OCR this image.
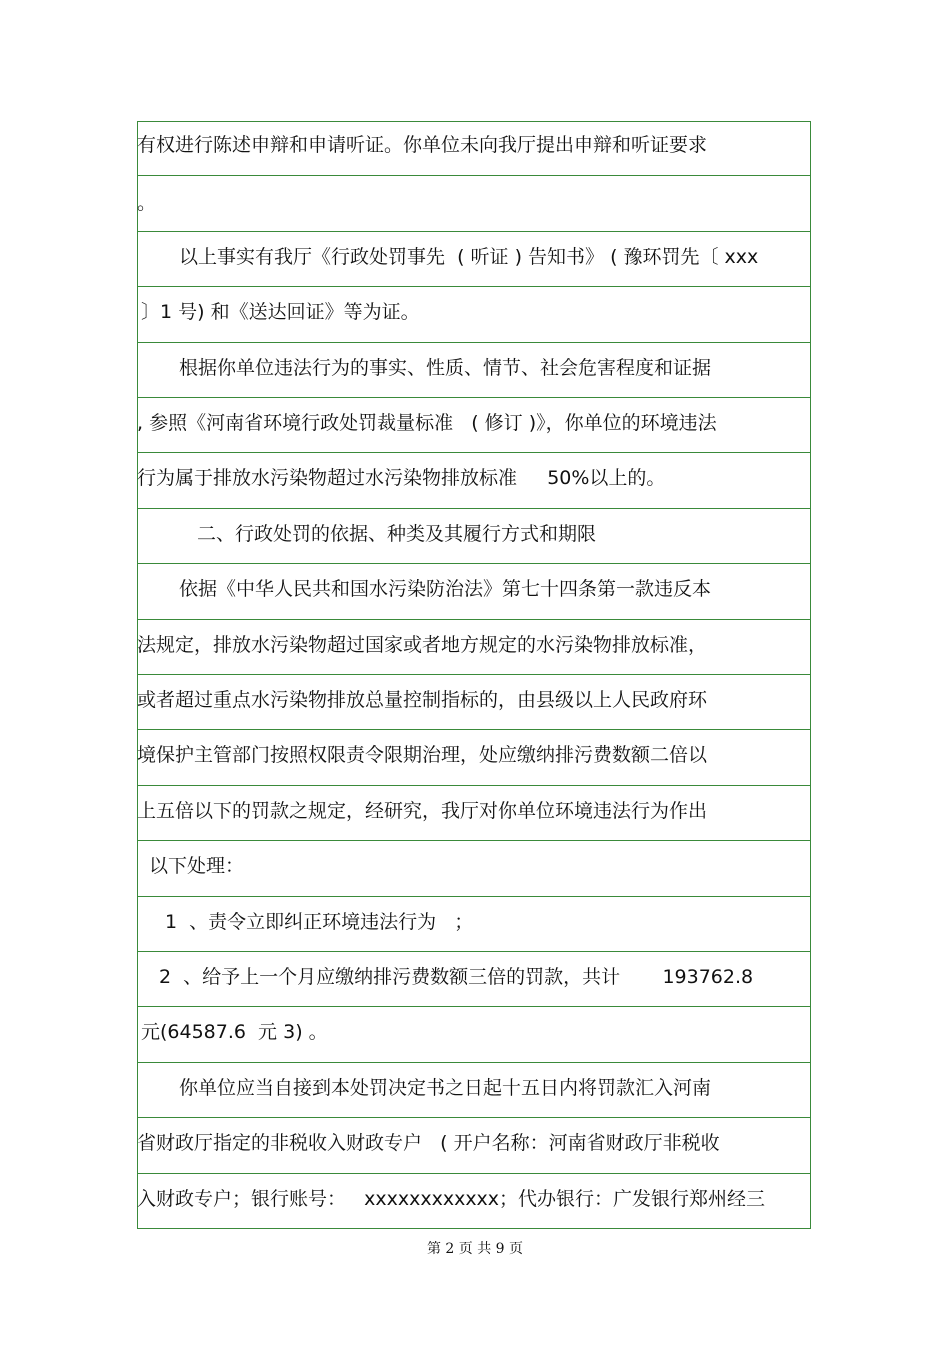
有权进行陈述申辩和申请听证。你单位未向我厅提出申辩和听证要求
。
以上事实有我厅《行政处罚事先  ( 听证 ) 告知书》 ( 豫环罚先〔 xxx
〕1 号) 和《送达回证》等为证。
根据你单位违法行为的事实、性质、情节、社会危害程度和证据
, 参照《河南省环境行政处罚裁量标准   ( 修订 )》，你单位的环境违法
行为属于排放水污染物超过水污染物排放标准     50%以上的。
二、行政处罚的依据、种类及其履行方式和期限
依据《中华人民共和国水污染防治法》第七十四条第一款违反本
法规定，排放水污染物超过国家或者地方规定的水污染物排放标准，
或者超过重点水污染物排放总量控制指标的，由县级以上人民政府环
境保护主管部门按照权限责令限期治理，处应缴纳排污费数额二倍以
上五倍以下的罚款之规定，经研究，我厅对你单位环境违法行为作出
以下处理：
1  、责令立即纠正环境违法行为   ；
2  、给予上一个月应缴纳排污费数额三倍的罚款，共计       193762.8
元(64587.6  元 3) 。
你单位应当自接到本处罚决定书之日起十五日内将罚款汇入河南
省财政厅指定的非税收入财政专户   ( 开户名称：河南省财政厅非税收
入财政专户；银行账号：   xxxxxxxxxxxx；代办银行：广发银行郑州经三
第 2 页 共 9 页
